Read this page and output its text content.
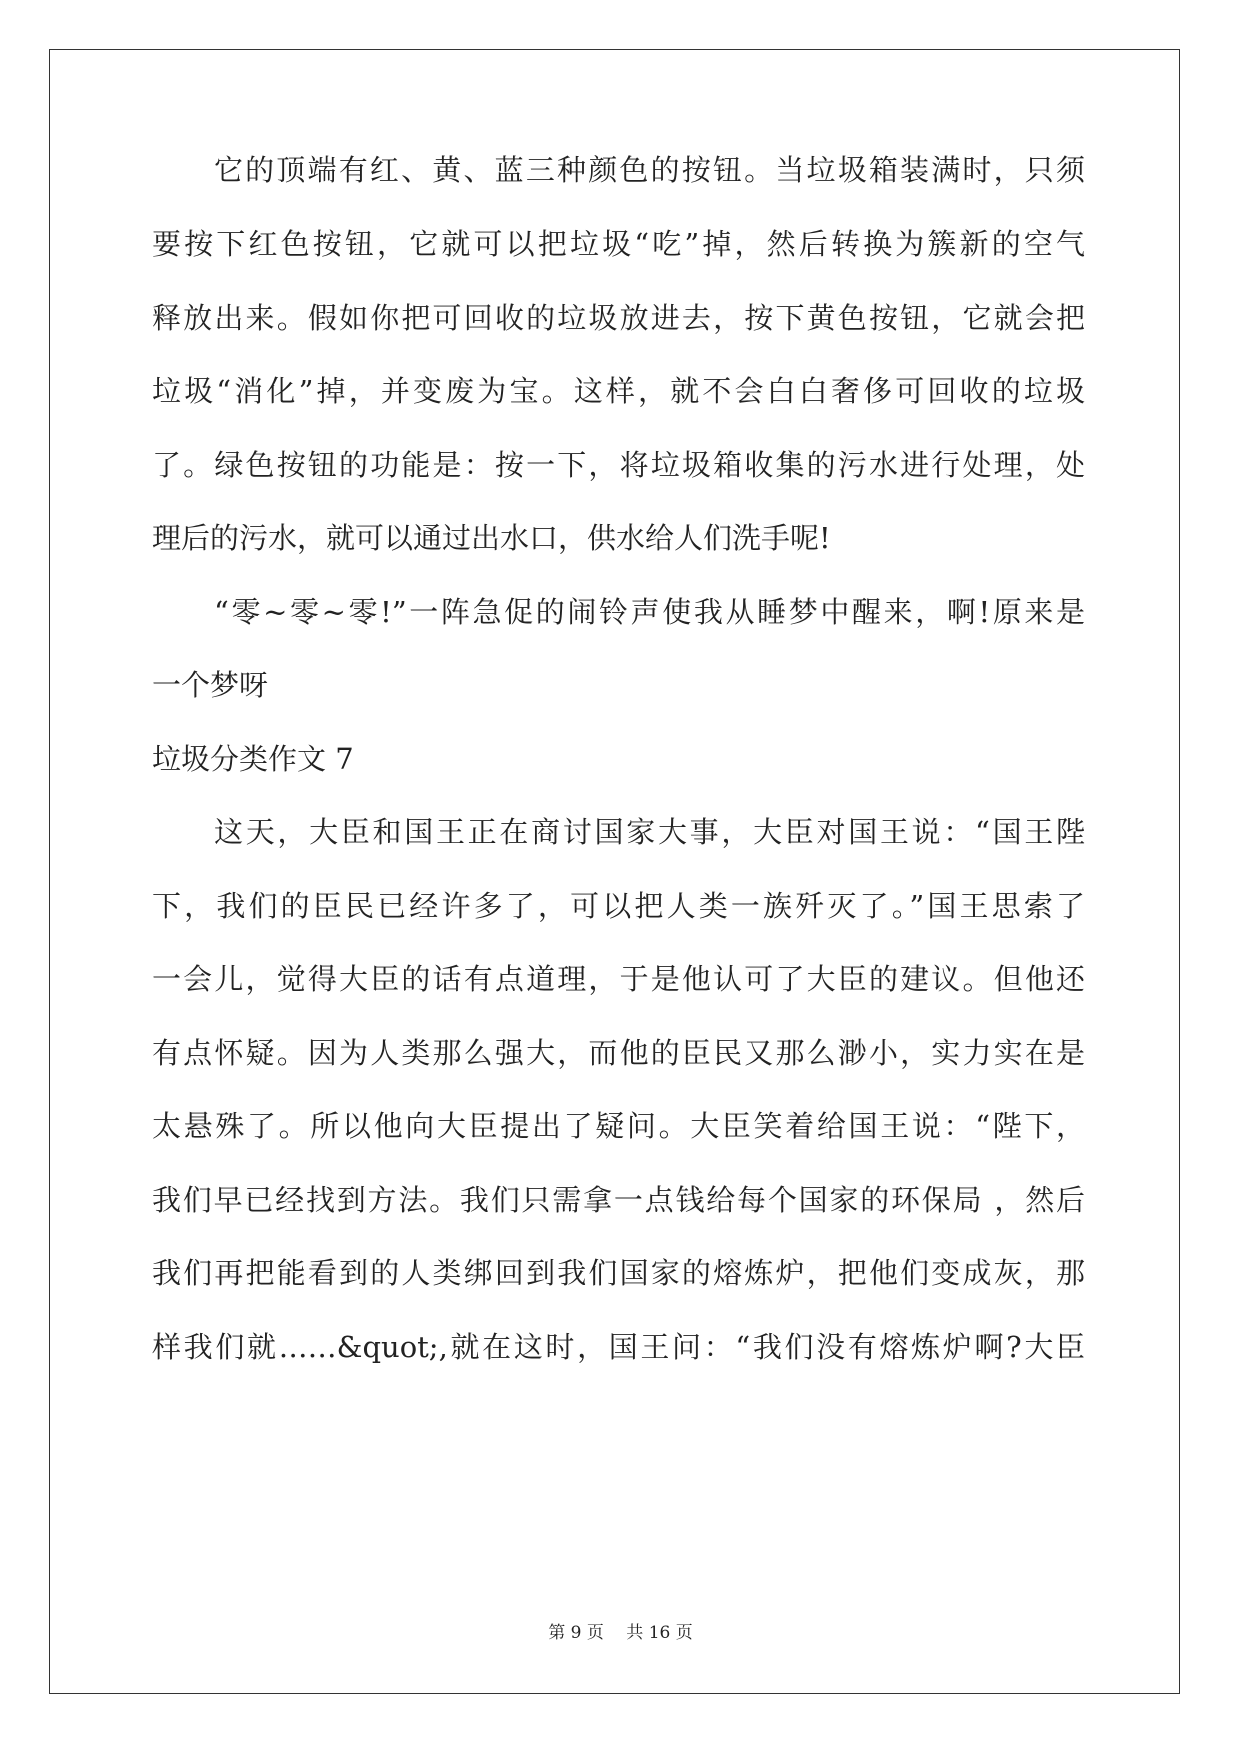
它的顶端有红、黄、蓝三种颜色的按钮。当垃圾箱装满时，只须
要按下红色按钮，它就可以把垃圾“吃”掉，然后转换为簇新的空气
释放出来。假如你把可回收的垃圾放进去，按下黄色按钮，它就会把
垃圾“消化”掉，并变废为宝。这样，就不会白白奢侈可回收的垃圾
了。绿色按钮的功能是：按一下，将垃圾箱收集的污水进行处理，处
理后的污水，就可以通过出水口，供水给人们洗手呢!
“零~零~零!”一阵急促的闹铃声使我从睡梦中醒来，啊!原来是
一个梦呀
垃圾分类作文 7
这天，大臣和国王正在商讨国家大事，大臣对国王说：“国王陛
下，我们的臣民已经许多了，可以把人类一族歼灭了。”国王思索了
一会儿，觉得大臣的话有点道理，于是他认可了大臣的建议。但他还
有点怀疑。因为人类那么强大，而他的臣民又那么渺小，实力实在是
太悬殊了。所以他向大臣提出了疑问。大臣笑着给国王说：“陛下，
我们早已经找到方法。我们只需拿一点钱给每个国家的环保局 ，然后
我们再把能看到的人类绑回到我们国家的熔炼炉，把他们变成灰，那
样我们就……&quot;,就在这时，国王问：“我们没有熔炼炉啊?大臣
第 9 页　 共 16 页
